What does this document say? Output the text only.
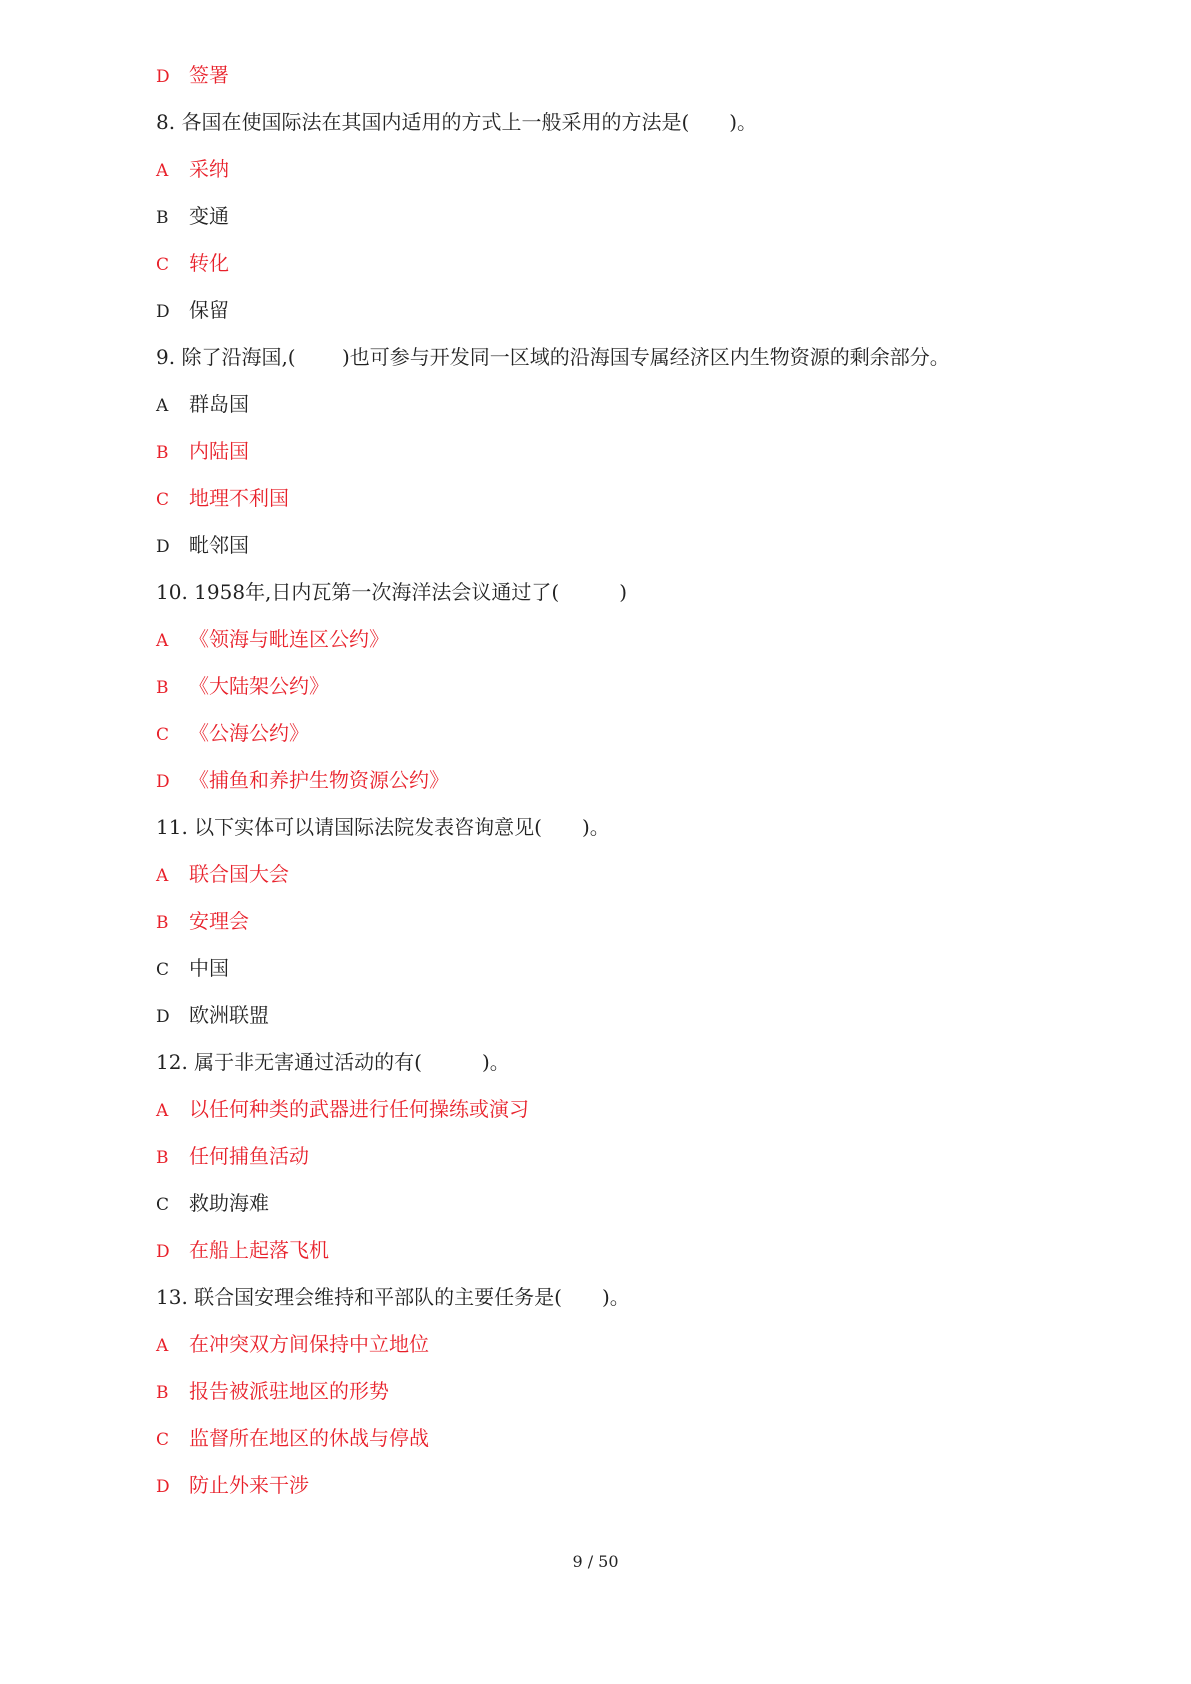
D 签署
8. 各国在使国际法在其国内适用的方式上一般采用的方法是(　　)。
A 采纳
B 变通
C 转化
D 保留
9. 除了沿海国,(　　 )也可参与开发同一区域的沿海国专属经济区内生物资源的剩余部分。
A 群岛国
B 内陆国
C 地理不利国
D 毗邻国
10. 1958年,日内瓦第一次海洋法会议通过了(　　　)
A 《领海与毗连区公约》
B 《大陆架公约》
C 《公海公约》
D 《捕鱼和养护生物资源公约》
11. 以下实体可以请国际法院发表咨询意见(　　)。
A 联合国大会
B 安理会
C 中国
D 欧洲联盟
12. 属于非无害通过活动的有(　　　)。
A 以任何种类的武器进行任何操练或演习
B 任何捕鱼活动
C 救助海难
D 在船上起落飞机
13. 联合国安理会维持和平部队的主要任务是(　　)。
A 在冲突双方间保持中立地位
B 报告被派驻地区的形势
C 监督所在地区的休战与停战
D 防止外来干涉
9 / 50
